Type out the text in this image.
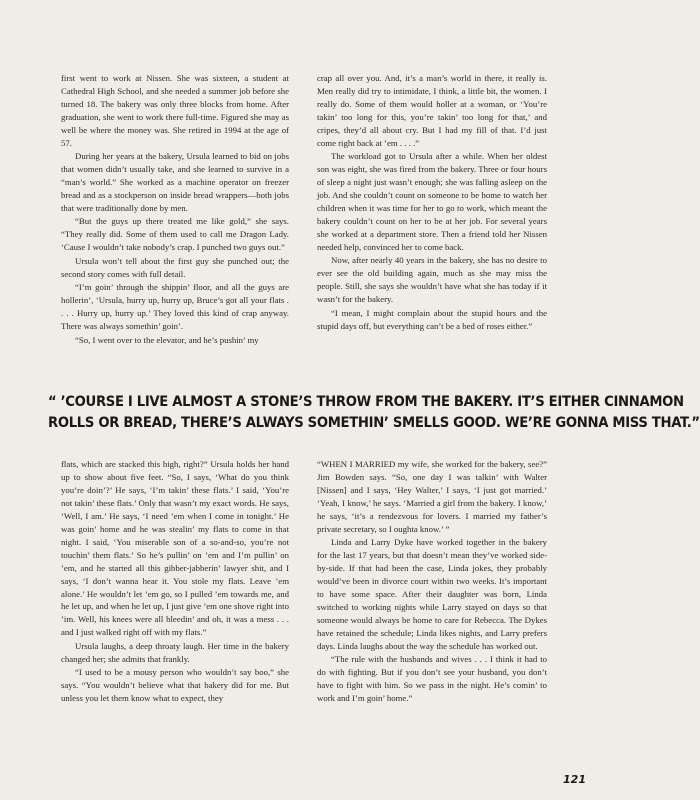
first went to work at Nissen. She was sixteen, a student at Cathedral High School, and she needed a summer job before she turned 18. The bakery was only three blocks from home. After graduation, she went to work there full-time. Figured she may as well be where the money was. She retired in 1994 at the age of 57.

During her years at the bakery, Ursula learned to bid on jobs that women didn’t usually take, and she learned to survive in a “man’s world.” She worked as a machine operator on freezer bread and as a stockperson on inside bread wrappers—both jobs that were traditionally done by men.

“But the guys up there treated me like gold,” she says. “They really did. Some of them used to call me Dragon Lady. ‘Cause I wouldn’t take nobody’s crap. I punched two guys out.”

Ursula won’t tell about the first guy she punched out; the second story comes with full detail.

“I’m goin’ through the shippin’ floor, and all the guys are hollerin’, ‘Ursula, hurry up, hurry up, Bruce’s got all your flats . . . . Hurry up, hurry up.’ They loved this kind of crap anyway. There was always somethin’ goin’.

“So, I went over to the elevator, and he’s pushin’ my

crap all over you. And, it’s a man’s world in there, it really is. Men really did try to intimidate, I think, a little bit, the women. I really do. Some of them would holler at a woman, or ‘You’re takin’ too long for this, you’re takin’ too long for that,’ and cripes, they’d all about cry. But I had my fill of that. I’d just come right back at ’em . . . .”

The workload got to Ursula after a while. When her oldest son was eight, she was fired from the bakery. Three or four hours of sleep a night just wasn’t enough; she was falling asleep on the job. And she couldn’t count on someone to be home to watch her children when it was time for her to go to work, which meant the bakery couldn’t count on her to be at her job. For several years she worked at a department store. Then a friend told her Nissen needed help, convinced her to come back.

Now, after nearly 40 years in the bakery, she has no desire to ever see the old building again, much as she may miss the people. Still, she says she wouldn’t have what she has today if it wasn’t for the bakery.

“I mean, I might complain about the stupid hours and the stupid days off, but everything can’t be a bed of roses either.”

“ ’COURSE I LIVE ALMOST A STONE’S THROW FROM THE BAKERY. IT’S EITHER CINNAMON
ROLLS OR BREAD, THERE’S ALWAYS SOMETHIN’ SMELLS GOOD. WE’RE GONNA MISS THAT.”

flats, which are stacked this high, right?” Ursula holds her hand up to show about five feet. “So, I says, ‘What do you think you’re doin’?’ He says, ‘I’m takin’ these flats.’ I said, ‘You’re not takin’ these flats.’ Only that wasn’t my exact words. He says, ‘Well, I am.’ He says, ‘I need ’em when I come in tonight.’ He was goin’ home and he was stealin’ my flats to come in that night. I said, ‘You miserable son of a so-and-so, you’re not touchin’ them flats.’ So he’s pullin’ on ’em and I’m pullin’ on ’em, and he started all this gibber-jabberin’ lawyer shit, and I says, ‘I don’t wanna hear it. You stole my flats. Leave ’em alone.’ He wouldn’t let ’em go, so I pulled ’em towards me, and he let up, and when he let up, I just give ’em one shove right into ’im. Well, his knees were all bleedin’ and oh, it was a mess . . . and I just walked right off with my flats.”

Ursula laughs, a deep throaty laugh. Her time in the bakery changed her; she admits that frankly.

“I used to be a mousy person who wouldn’t say boo,” she says. “You wouldn’t believe what that bakery did for me. But unless you let them know what to expect, they

“WHEN I MARRIED my wife, she worked for the bakery, see?” Jim Bowden says. “So, one day I was talkin’ with Walter [Nissen] and I says, ‘Hey Walter,’ I says, ‘I just got married.’ ‘Yeah, I know,’ he says. ‘Married a girl from the bakery. I know,’ he says, ‘it’s a rendezvous for lovers. I married my father’s private secretary, so I oughta know.’ ”

Linda and Larry Dyke have worked together in the bakery for the last 17 years, but that doesn’t mean they’ve worked side-by-side. If that had been the case, Linda jokes, they probably would’ve been in divorce court within two weeks. It’s important to have some space. After their daughter was born, Linda switched to working nights while Larry stayed on days so that someone would always be home to care for Rebecca. The Dykes have retained the schedule; Linda likes nights, and Larry prefers days. Linda laughs about the way the schedule has worked out.

“The rule with the husbands and wives . . . I think it had to do with fighting. But if you don’t see your husband, you don’t have to fight with him. So we pass in the night. He’s comin’ to work and I’m goin’ home.”

121
